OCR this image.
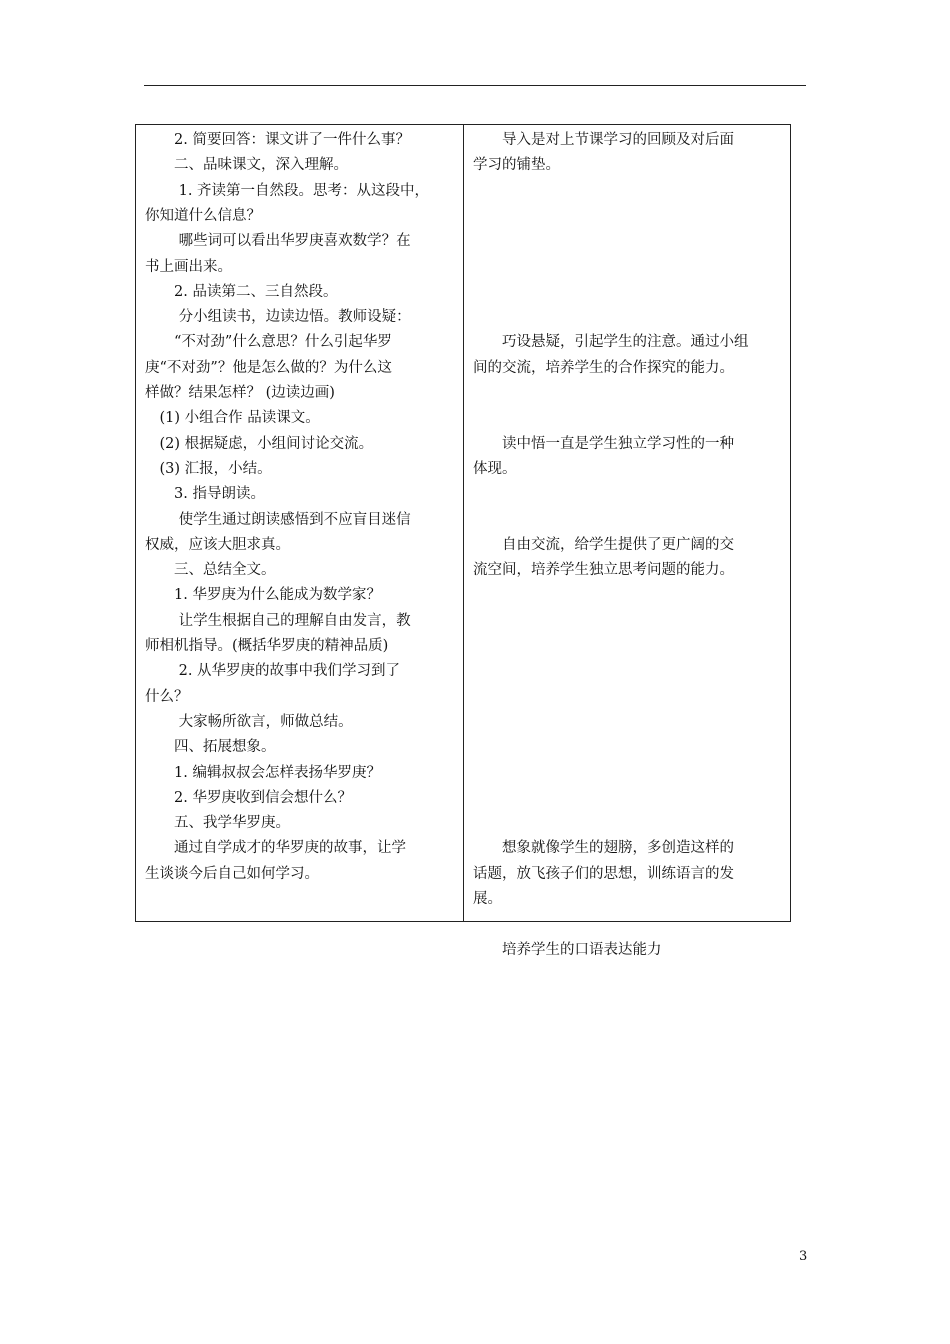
　　2. 简要回答：课文讲了一件什么事？

　　二、品味课文，深入理解。

　　 1. 齐读第一自然段。思考：从这段中，

你知道什么信息？

　　 哪些词可以看出华罗庚喜欢数学？在

书上画出来。

　　2. 品读第二、三自然段。

　　 分小组读书，边读边悟。教师设疑：

　　“不对劲”什么意思？什么引起华罗

庚“不对劲”？他是怎么做的？为什么这

样做？结果怎样？ (边读边画)

　(1) 小组合作 品读课文。

　(2) 根据疑虑，小组间讨论交流。

　(3) 汇报，小结。

　　3. 指导朗读。

　　 使学生通过朗读感悟到不应盲目迷信

权威，应该大胆求真。

　　三、总结全文。

　　1. 华罗庚为什么能成为数学家？

　　 让学生根据自己的理解自由发言，教

师相机指导。(概括华罗庚的精神品质)

　　 2. 从华罗庚的故事中我们学习到了

什么？

　　 大家畅所欲言，师做总结。

　　四、拓展想象。

　　1. 编辑叔叔会怎样表扬华罗庚？

　　2. 华罗庚收到信会想什么？

　　五、我学华罗庚。

　　通过自学成才的华罗庚的故事，让学

生谈谈今后自己如何学习。

　　导入是对上节课学习的回顾及对后面

学习的铺垫。

　　巧设悬疑，引起学生的注意。通过小组

间的交流，培养学生的合作探究的能力。

　　读中悟一直是学生独立学习性的一种

体现。

　　自由交流，给学生提供了更广阔的交

流空间，培养学生独立思考问题的能力。

　　想象就像学生的翅膀，多创造这样的

话题，放飞孩子们的思想，训练语言的发

展。

　　培养学生的口语表达能力

3
